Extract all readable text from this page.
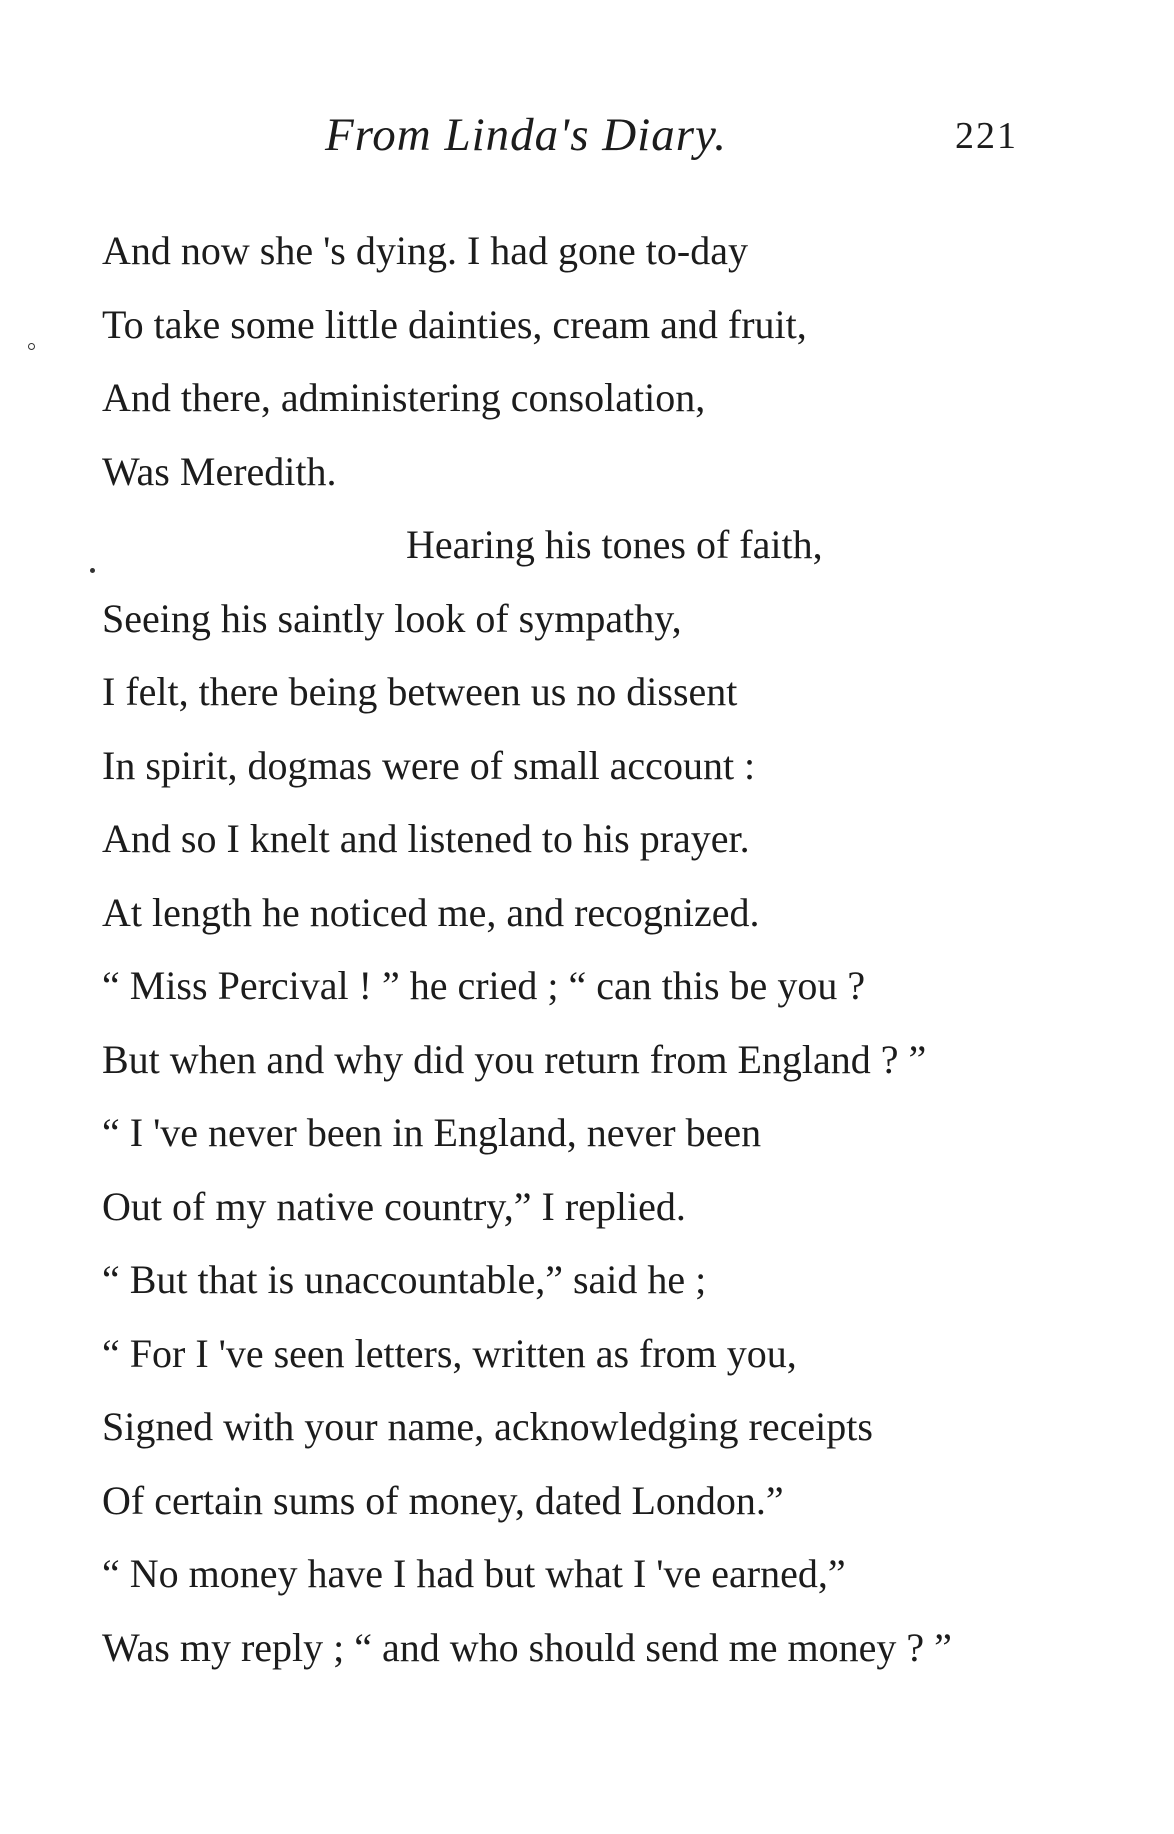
From Linda's Diary.	221
And now she 's dying. I had gone to-day
To take some little dainties, cream and fruit,
And there, administering consolation,
Was Meredith.
Hearing his tones of faith,
Seeing his saintly look of sympathy,
I felt, there being between us no dissent
In spirit, dogmas were of small account :
And so I knelt and listened to his prayer.
At length he noticed me, and recognized.
“ Miss Percival ! ” he cried ; “ can this be you ?
But when and why did you return from England ? ”
“ I 've never been in England, never been
Out of my native country,” I replied.
“ But that is unaccountable,” said he ;
“ For I 've seen letters, written as from you,
Signed with your name, acknowledging receipts
Of certain sums of money, dated London.”
“ No money have I had but what I 've earned,”
Was my reply ; “ and who should send me money ? ”
